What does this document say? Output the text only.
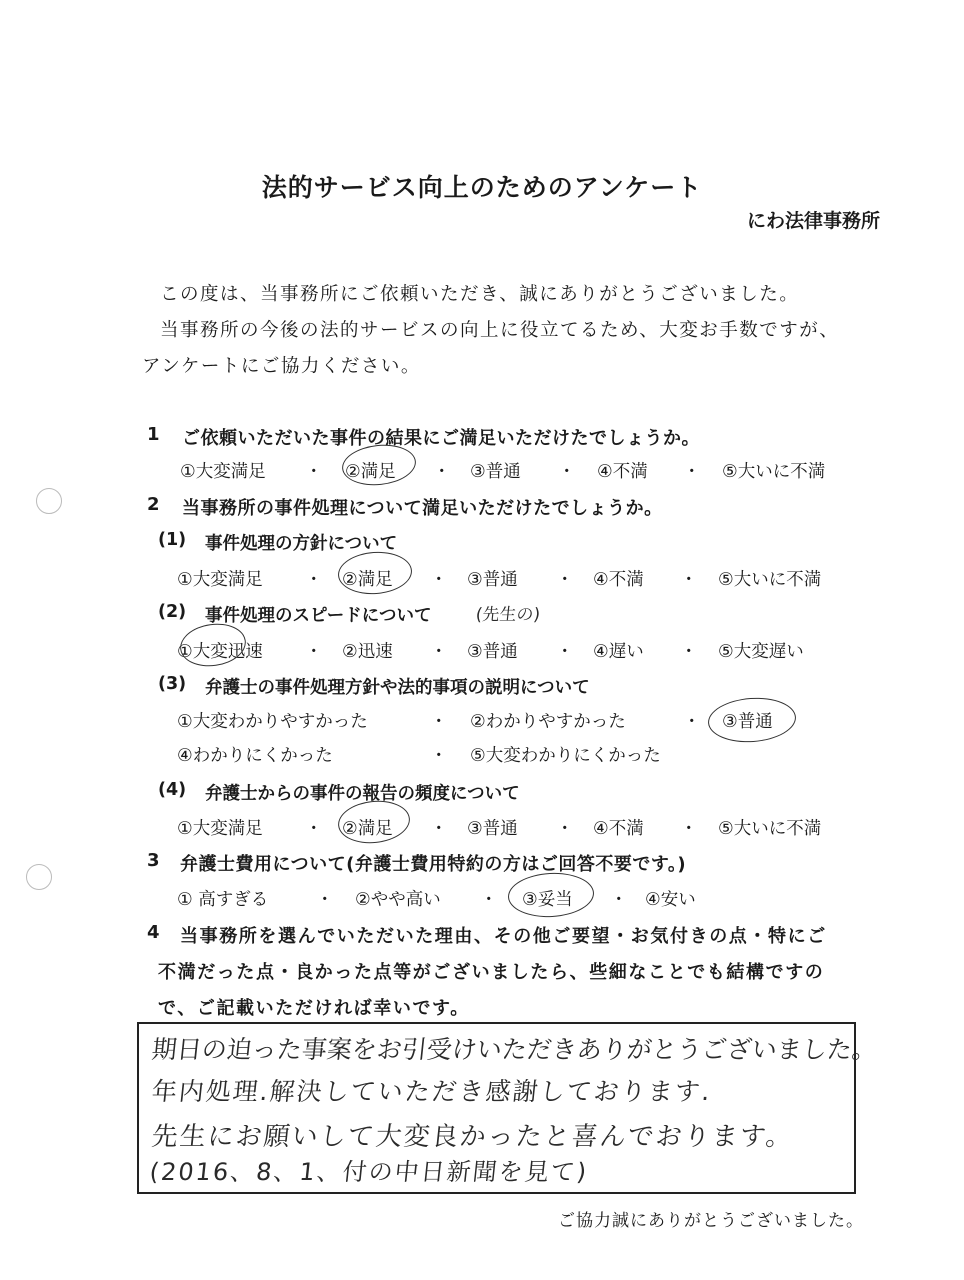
法的サービス向上のためのアンケート
にわ法律事務所
この度は、当事務所にご依頼いただき、誠にありがとうございました。
当事務所の今後の法的サービスの向上に役立てるため、大変お手数ですが、
アンケートにご協力ください。
1 ご依頼いただいた事件の結果にご満足いただけたでしょうか。
①大変満足 ・ ②満足 ・ ③普通 ・ ④不満 ・ ⑤大いに不満
2 当事務所の事件処理について満足いただけたでしょうか。
(1) 事件処理の方針について
①大変満足 ・ ②満足 ・ ③普通 ・ ④不満 ・ ⑤大いに不満
(2) 事件処理のスピードについて	(先生の)
①大変迅速 ・ ②迅速 ・ ③普通 ・ ④遅い ・ ⑤大変遅い
(3) 弁護士の事件処理方針や法的事項の説明について
①大変わかりやすかった	・ ②わかりやすかった	・ ③普通
④わかりにくかった	・ ⑤大変わかりにくかった
(4) 弁護士からの事件の報告の頻度について
①大変満足 ・ ②満足 ・ ③普通 ・ ④不満 ・ ⑤大いに不満
3 弁護士費用について(弁護士費用特約の方はご回答不要です。)
① 高すぎる	・ ②やや高い ・ ③妥当 ・ ④安い
4 当事務所を選んでいただいた理由、その他ご要望・お気付きの点・特にご
不満だった点・良かった点等がございましたら、些細なことでも結構ですの
で、ご記載いただければ幸いです。
期日の迫った事案をお引受けいただきありがとうございました。
年内処理.解決していただき感謝しております.
先生にお願いして大変良かったと喜んでおります。
(2016、8、1、付の中日新聞を見て)
ご協力誠にありがとうございました。
